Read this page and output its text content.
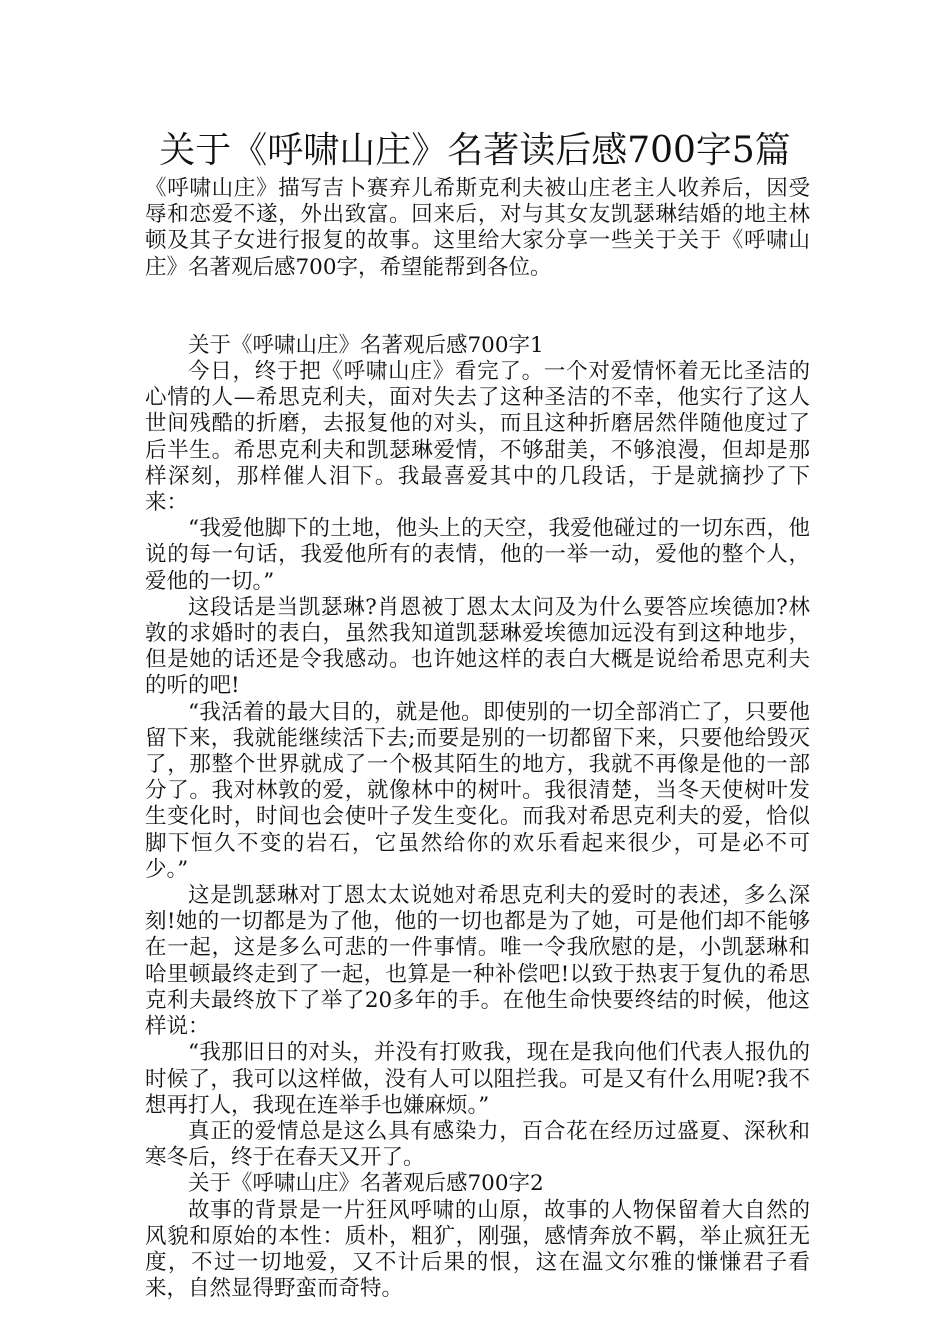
关于《呼啸山庄》名著读后感700字5篇

《呼啸山庄》描写吉卜赛弃儿希斯克利夫被山庄老主人收养后，因受辱和恋爱不遂，外出致富。回来后，对与其女友凯瑟琳结婚的地主林顿及其子女进行报复的故事。这里给大家分享一些关于关于《呼啸山庄》名著观后感700字，希望能帮到各位。

关于《呼啸山庄》名著观后感700字1

今日，终于把《呼啸山庄》看完了。一个对爱情怀着无比圣洁的心情的人—希思克利夫，面对失去了这种圣洁的不幸，他实行了这人世间残酷的折磨，去报复他的对头，而且这种折磨居然伴随他度过了后半生。希思克利夫和凯瑟琳爱情，不够甜美，不够浪漫，但却是那样深刻，那样催人泪下。我最喜爱其中的几段话，于是就摘抄了下来：

“我爱他脚下的土地，他头上的天空，我爱他碰过的一切东西，他说的每一句话，我爱他所有的表情，他的一举一动，爱他的整个人，爱他的一切。”

这段话是当凯瑟琳?肖恩被丁恩太太问及为什么要答应埃德加?林敦的求婚时的表白，虽然我知道凯瑟琳爱埃德加远没有到这种地步，但是她的话还是令我感动。也许她这样的表白大概是说给希思克利夫的听的吧!

“我活着的最大目的，就是他。即使别的一切全部消亡了，只要他留下来，我就能继续活下去;而要是别的一切都留下来，只要他给毁灭了，那整个世界就成了一个极其陌生的地方，我就不再像是他的一部分了。我对林敦的爱，就像林中的树叶。我很清楚，当冬天使树叶发生变化时，时间也会使叶子发生变化。而我对希思克利夫的爱，恰似脚下恒久不变的岩石，它虽然给你的欢乐看起来很少，可是必不可少。”

这是凯瑟琳对丁恩太太说她对希思克利夫的爱时的表述，多么深刻!她的一切都是为了他，他的一切也都是为了她，可是他们却不能够在一起，这是多么可悲的一件事情。唯一令我欣慰的是，小凯瑟琳和哈里顿最终走到了一起，也算是一种补偿吧!以致于热衷于复仇的希思克利夫最终放下了举了20多年的手。在他生命快要终结的时候，他这样说：

“我那旧日的对头，并没有打败我，现在是我向他们代表人报仇的时候了，我可以这样做，没有人可以阻拦我。可是又有什么用呢?我不想再打人，我现在连举手也嫌麻烦。”

真正的爱情总是这么具有感染力，百合花在经历过盛夏、深秋和寒冬后，终于在春天又开了。

关于《呼啸山庄》名著观后感700字2

故事的背景是一片狂风呼啸的山原，故事的人物保留着大自然的风貌和原始的本性：质朴，粗犷，刚强，感情奔放不羁，举止疯狂无度，不过一切地爱，又不计后果的恨，这在温文尔雅的慊慊君子看来，自然显得野蛮而奇特。
